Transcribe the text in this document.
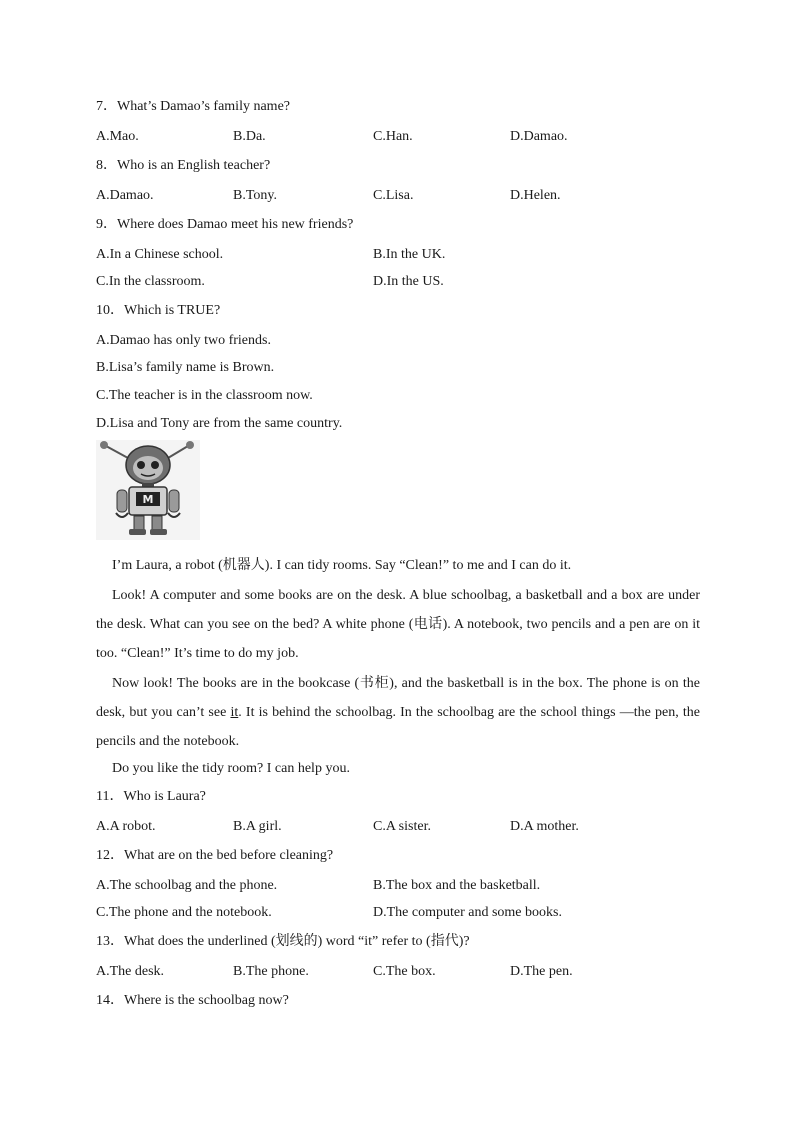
7．What’s Damao’s family name?
A.Mao.	B.Da.	C.Han.	D.Damao.
8．Who is an English teacher?
A.Damao.	B.Tony.	C.Lisa.	D.Helen.
9．Where does Damao meet his new friends?
A.In a Chinese school.	B.In the UK.
C.In the classroom.	D.In the US.
10．Which is TRUE?
A.Damao has only two friends.
B.Lisa’s family name is Brown.
C.The teacher is in the classroom now.
D.Lisa and Tony are from the same country.
M
I’m Laura, a robot (机器人). I can tidy rooms. Say “Clean!” to me and I can do it.
Look! A computer and some books are on the desk. A blue schoolbag, a basketball and a box are under the desk. What can you see on the bed? A white phone (电话). A notebook, two pencils and a pen are on it too. “Clean!” It’s time to do my job.
Now look! The books are in the bookcase (书柜), and the basketball is in the box. The phone is on the desk, but you can’t see it. It is behind the schoolbag. In the schoolbag are the school things —the pen, the pencils and the notebook.
Do you like the tidy room? I can help you.
11．Who is Laura?
A.A robot.	B.A girl.	C.A sister.	D.A mother.
12．What are on the bed before cleaning?
A.The schoolbag and the phone.	B.The box and the basketball.
C.The phone and the notebook.	D.The computer and some books.
13．What does the underlined (划线的) word “it” refer to (指代)?
A.The desk.	B.The phone.	C.The box.	D.The pen.
14．Where is the schoolbag now?
